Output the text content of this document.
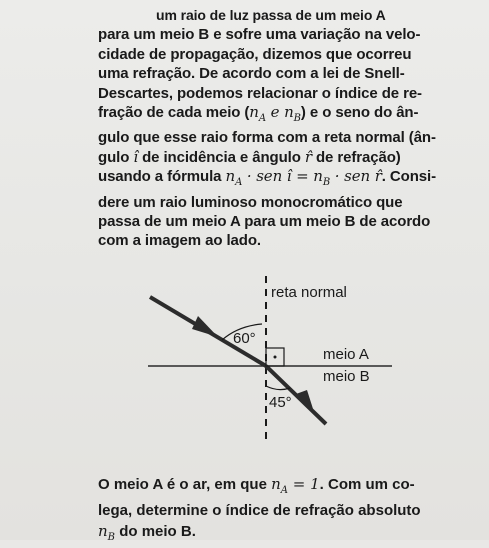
um raio de luz passa de um meio A
para um meio B e sofre uma variação na velo-
cidade de propagação, dizemos que ocorreu
uma refração. De acordo com a lei de Snell-
Descartes, podemos relacionar o índice de re-
fração de cada meio ($n_A$ e $n_B$) e o seno do ân-
gulo que esse raio forma com a reta normal (ân-
gulo î de incidência e ângulo r̂ de refração)
usando a fórmula $n_A$ · sen î = $n_B$ · sen r̂. Consi-
dere um raio luminoso monocromático que
passa de um meio A para um meio B de acordo
com a imagem ao lado.
reta normal
60°
meio A
meio B
45°
O meio A é o ar, em que $n_A = 1$. Com um co-
lega, determine o índice de refração absoluto
$n_B$ do meio B.
